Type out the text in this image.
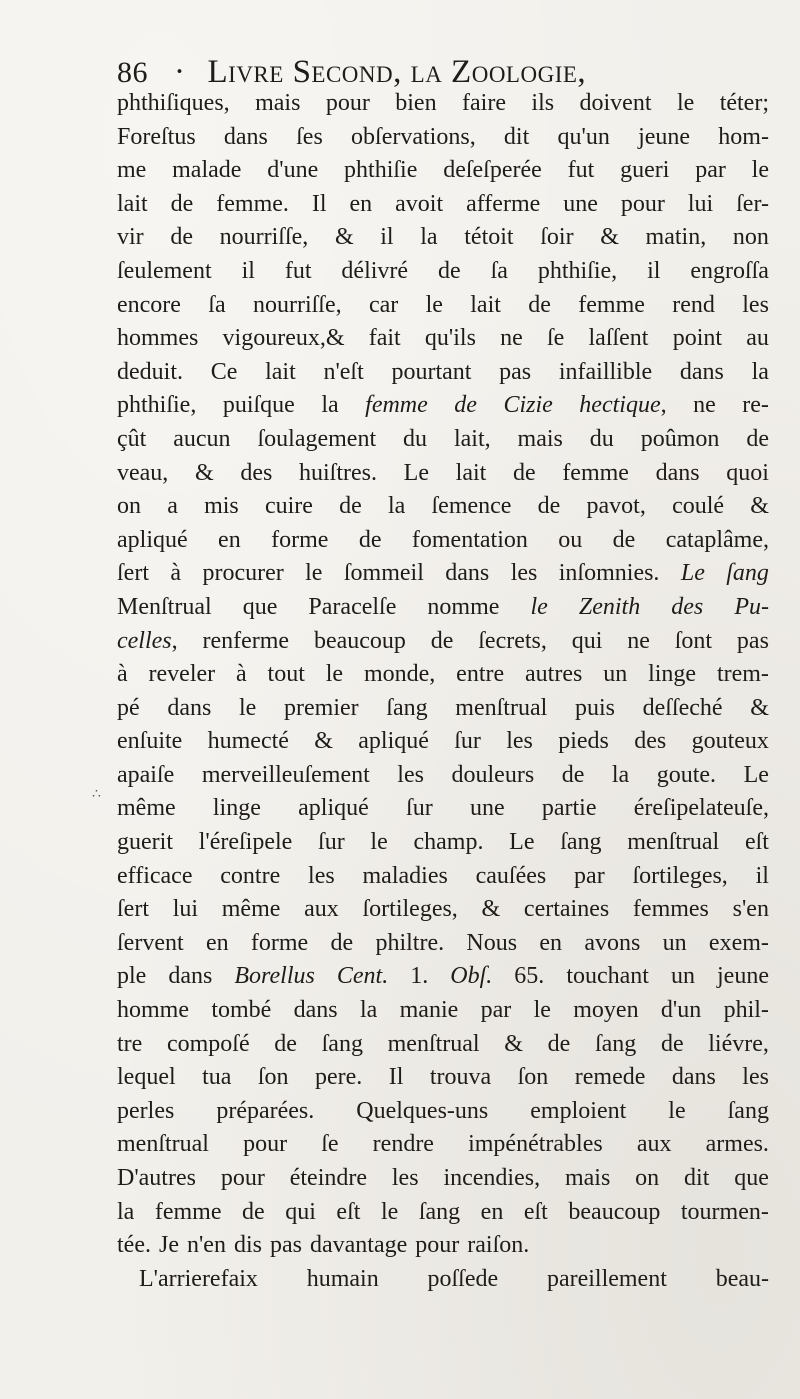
86 · Livre Second, la Zoologie,
∴
phthiſiques, mais pour bien faire ils doivent le téter;
Foreſtus dans ſes obſervations, dit qu'un jeune hom-
me malade d'une phthiſie deſeſperée fut gueri par le
lait de femme. Il en avoit afferme une pour lui ſer-
vir de nourriſſe, & il la tétoit ſoir & matin, non
ſeulement il fut délivré de ſa phthiſie, il engroſſa
encore ſa nourriſſe, car le lait de femme rend les
hommes vigoureux,& fait qu'ils ne ſe laſſent point au
deduit. Ce lait n'eſt pourtant pas infaillible dans la
phthiſie, puiſque la femme de Cizie hectique, ne re-
çût aucun ſoulagement du lait, mais du poûmon de
veau, & des huiſtres. Le lait de femme dans quoi
on a mis cuire de la ſemence de pavot, coulé &
apliqué en forme de fomentation ou de cataplâme,
ſert à procurer le ſommeil dans les inſomnies. Le ſang
Menſtrual que Paracelſe nomme le Zenith des Pu-
celles, renferme beaucoup de ſecrets, qui ne ſont pas
à reveler à tout le monde, entre autres un linge trem-
pé dans le premier ſang menſtrual puis deſſeché &
enſuite humecté & apliqué ſur les pieds des gouteux
apaiſe merveilleuſement les douleurs de la goute. Le
même linge apliqué ſur une partie éreſipelateuſe,
guerit l'éreſipele ſur le champ. Le ſang menſtrual eſt
efficace contre les maladies cauſées par ſortileges, il
ſert lui même aux ſortileges, & certaines femmes s'en
ſervent en forme de philtre. Nous en avons un exem-
ple dans Borellus Cent. 1. Obſ. 65. touchant un jeune
homme tombé dans la manie par le moyen d'un phil-
tre compoſé de ſang menſtrual & de ſang de liévre,
lequel tua ſon pere. Il trouva ſon remede dans les
perles préparées. Quelques-uns emploient le ſang
menſtrual pour ſe rendre impénétrables aux armes.
D'autres pour éteindre les incendies, mais on dit que
la femme de qui eſt le ſang en eſt beaucoup tourmen-
tée. Je n'en dis pas davantage pour raiſon.
L'arrierefaix humain poſſede pareillement beau-
